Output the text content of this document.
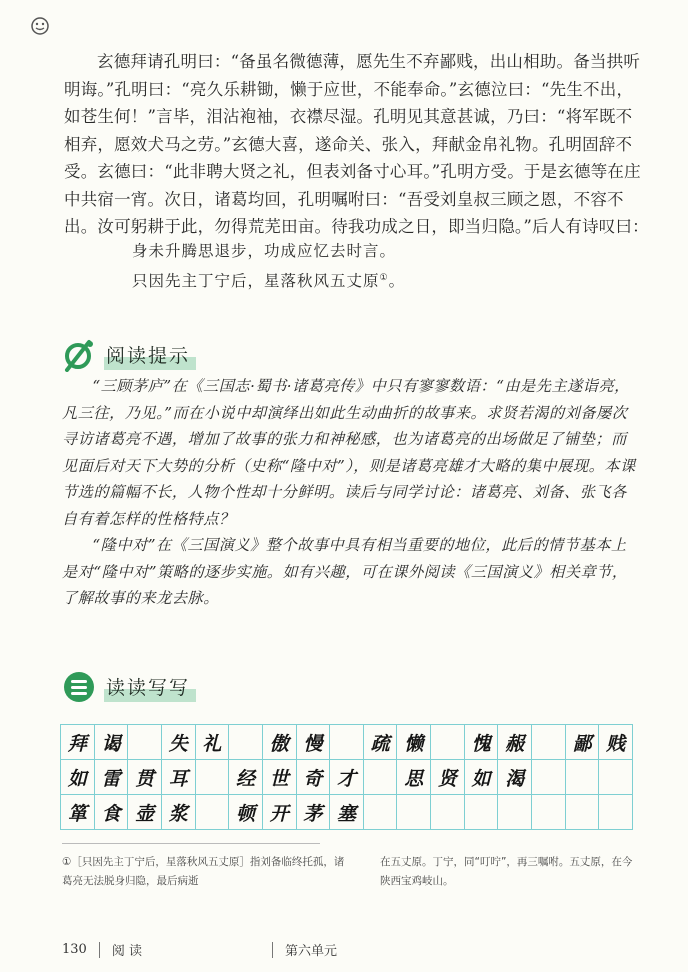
玄德拜请孔明曰：“备虽名微德薄，愿先生不弃鄙贱，出山相助。备当拱听明诲。”孔明曰：“亮久乐耕锄，懒于应世，不能奉命。”玄德泣曰：“先生不出，如苍生何！”言毕，泪沾袍袖，衣襟尽湿。孔明见其意甚诚，乃曰：“将军既不相弃，愿效犬马之劳。”玄德大喜，遂命关、张入，拜献金帛礼物。孔明固辞不受。玄德曰：“此非聘大贤之礼，但表刘备寸心耳。”孔明方受。于是玄德等在庄中共宿一宵。次日，诸葛均回，孔明嘱咐曰：“吾受刘皇叔三顾之恩，不容不出。汝可躬耕于此，勿得荒芜田亩。待我功成之日，即当归隐。”后人有诗叹曰：

身未升腾思退步，功成应忆去时言。
只因先主丁宁后，星落秋风五丈原①。
阅读提示

“三顾茅庐”在《三国志·蜀书·诸葛亮传》中只有寥寥数语：“由是先主遂诣亮，凡三往，乃见。”而在小说中却演绎出如此生动曲折的故事来。求贤若渴的刘备屡次寻访诸葛亮不遇，增加了故事的张力和神秘感，也为诸葛亮的出场做足了铺垫；而见面后对天下大势的分析（史称“隆中对”），则是诸葛亮雄才大略的集中展现。本课节选的篇幅不长，人物个性却十分鲜明。读后与同学讨论：诸葛亮、刘备、张飞各自有着怎样的性格特点？

“隆中对”在《三国演义》整个故事中具有相当重要的地位，此后的情节基本上是对“隆中对”策略的逐步实施。如有兴趣，可在课外阅读《三国演义》相关章节，了解故事的来龙去脉。

读读写写
拜 谒	失 礼	傲 慢	疏 懒	愧 赧	鄙 贱
如 雷 贯 耳	经 世 奇 才	思 贤 如 渴
箪 食 壶 浆	顿 开 茅 塞
①［只因先主丁宁后，星落秋风五丈原］指刘备临终托孤，诸葛亮无法脱身归隐，最后病逝
在五丈原。丁宁，同“叮咛”，再三嘱咐。五丈原，在今陕西宝鸡岐山。
130 阅 读	第六单元
